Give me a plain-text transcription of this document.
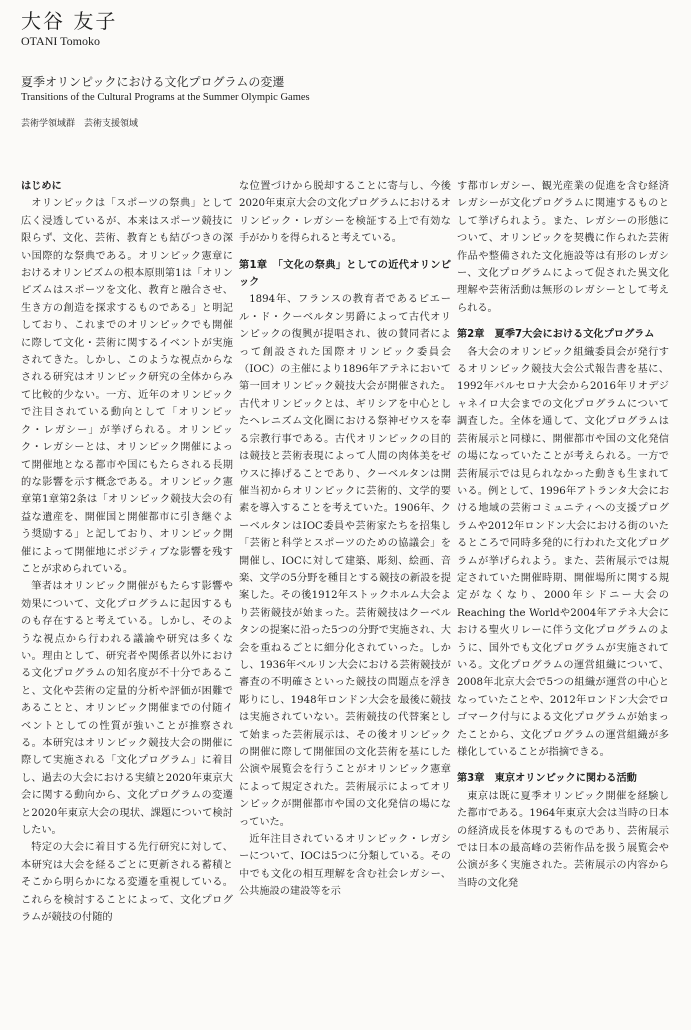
大谷 友子
OTANI Tomoko
夏季オリンピックにおける文化プログラムの変遷
Transitions of the Cultural Programs at the Summer Olympic Games
芸術学領域群　芸術支援領域
はじめに

オリンピックは「スポーツの祭典」として広く浸透しているが、本来はスポーツ競技に限らず、文化、芸術、教育とも結びつきの深い国際的な祭典である。オリンピック憲章におけるオリンピズムの根本原則第1は「オリンピズムはスポーツを文化、教育と融合させ、生き方の創造を探求するものである」と明記しており、これまでのオリンピックでも開催に際して文化・芸術に関するイベントが実施されてきた。しかし、このような視点からなされる研究はオリンピック研究の全体からみて比較的少ない。一方、近年のオリンピックで注目されている動向として「オリンピック・レガシー」が挙げられる。オリンピック・レガシーとは、オリンピック開催によって開催地となる都市や国にもたらされる長期的な影響を示す概念である。オリンピック憲章第1章第2条は「オリンピック競技大会の有益な遺産を、開催国と開催都市に引き継ぐよう奨励する」と記しており、オリンピック開催によって開催地にポジティブな影響を残すことが求められている。

筆者はオリンピック開催がもたらす影響や効果について、文化プログラムに起因するものも存在すると考えている。しかし、そのような視点から行われる議論や研究は多くない。理由として、研究者や関係者以外における文化プログラムの知名度が不十分であること、文化や芸術の定量的分析や評価が困難であることと、オリンピック開催までの付随イベントとしての性質が強いことが推察される。本研究はオリンピック競技大会の開催に際して実施される「文化プログラム」に着目し、過去の大会における実績と2020年東京大会に関する動向から、文化プログラムの変遷と2020年東京大会の現状、課題について検討したい。

特定の大会に着目する先行研究に対して、本研究は大会を経るごとに更新される蓄積とそこから明らかになる変遷を重視している。これらを検討することによって、文化プログラムが競技の付随的

な位置づけから脱却することに寄与し、今後2020年東京大会の文化プログラムにおけるオリンピック・レガシーを検証する上で有効な手がかりを得られると考えている。

第1章　「文化の祭典」としての近代オリンピック

1894年、フランスの教育者であるピエール・ド・クーベルタン男爵によって古代オリンピックの復興が提唱され、彼の賛同者によって創設された国際オリンピック委員会（IOC）の主催により1896年アテネにおいて第一回オリンピック競技大会が開催された。古代オリンピックとは、ギリシアを中心としたヘレニズム文化圏における祭神ゼウスを奉る宗教行事である。古代オリンピックの目的は競技と芸術表現によって人間の肉体美をゼウスに捧げることであり、クーベルタンは開催当初からオリンピックに芸術的、文学的要素を導入することを考えていた。1906年、クーベルタンはIOC委員や芸術家たちを招集し「芸術と科学とスポーツのための協議会」を開催し、IOCに対して建築、彫刻、絵画、音楽、文学の5分野を種目とする競技の新設を提案した。その後1912年ストックホルム大会より芸術競技が始まった。芸術競技はクーベルタンの提案に沿った5つの分野で実施され、大会を重ねるごとに細分化されていった。しかし、1936年ベルリン大会における芸術競技が審査の不明確さといった競技の問題点を浮き彫りにし、1948年ロンドン大会を最後に競技は実施されていない。芸術競技の代替案として始まった芸術展示は、その後オリンピックの開催に際して開催国の文化芸術を基にした公演や展覧会を行うことがオリンピック憲章によって規定された。芸術展示によってオリンピックが開催都市や国の文化発信の場になっていた。

近年注目されているオリンピック・レガシーについて、IOCは5つに分類している。その中でも文化の相互理解を含む社会レガシー、公共施設の建設等を示

す都市レガシー、観光産業の促進を含む経済レガシーが文化プログラムに関連するものとして挙げられよう。また、レガシーの形態について、オリンピックを契機に作られた芸術作品や整備された文化施設等は有形のレガシー、文化プログラムによって促された異文化理解や芸術活動は無形のレガシーとして考えられる。

第2章　夏季7大会における文化プログラム

各大会のオリンピック組織委員会が発行するオリンピック競技大会公式報告書を基に、1992年バルセロナ大会から2016年リオデジャネイロ大会までの文化プログラムについて調査した。全体を通して、文化プログラムは芸術展示と同様に、開催都市や国の文化発信の場になっていたことが考えられる。一方で芸術展示では見られなかった動きも生まれている。例として、1996年アトランタ大会における地域の芸術コミュニティへの支援プログラムや2012年ロンドン大会における街のいたるところで同時多発的に行われた文化プログラムが挙げられよう。また、芸術展示では規定されていた開催時期、開催場所に関する規定がなくなり、2000年シドニー大会のReaching the Worldや2004年アテネ大会における聖火リレーに伴う文化プログラムのように、国外でも文化プログラムが実施されている。文化プログラムの運営組織について、2008年北京大会で5つの組織が運営の中心となっていたことや、2012年ロンドン大会でロゴマーク付与による文化プログラムが始まったことから、文化プログラムの運営組織が多様化していることが指摘できる。

第3章　東京オリンピックに関わる活動

東京は既に夏季オリンピック開催を経験した都市である。1964年東京大会は当時の日本の経済成長を体現するものであり、芸術展示では日本の最高峰の芸術作品を扱う展覧会や公演が多く実施された。芸術展示の内容から当時の文化発
